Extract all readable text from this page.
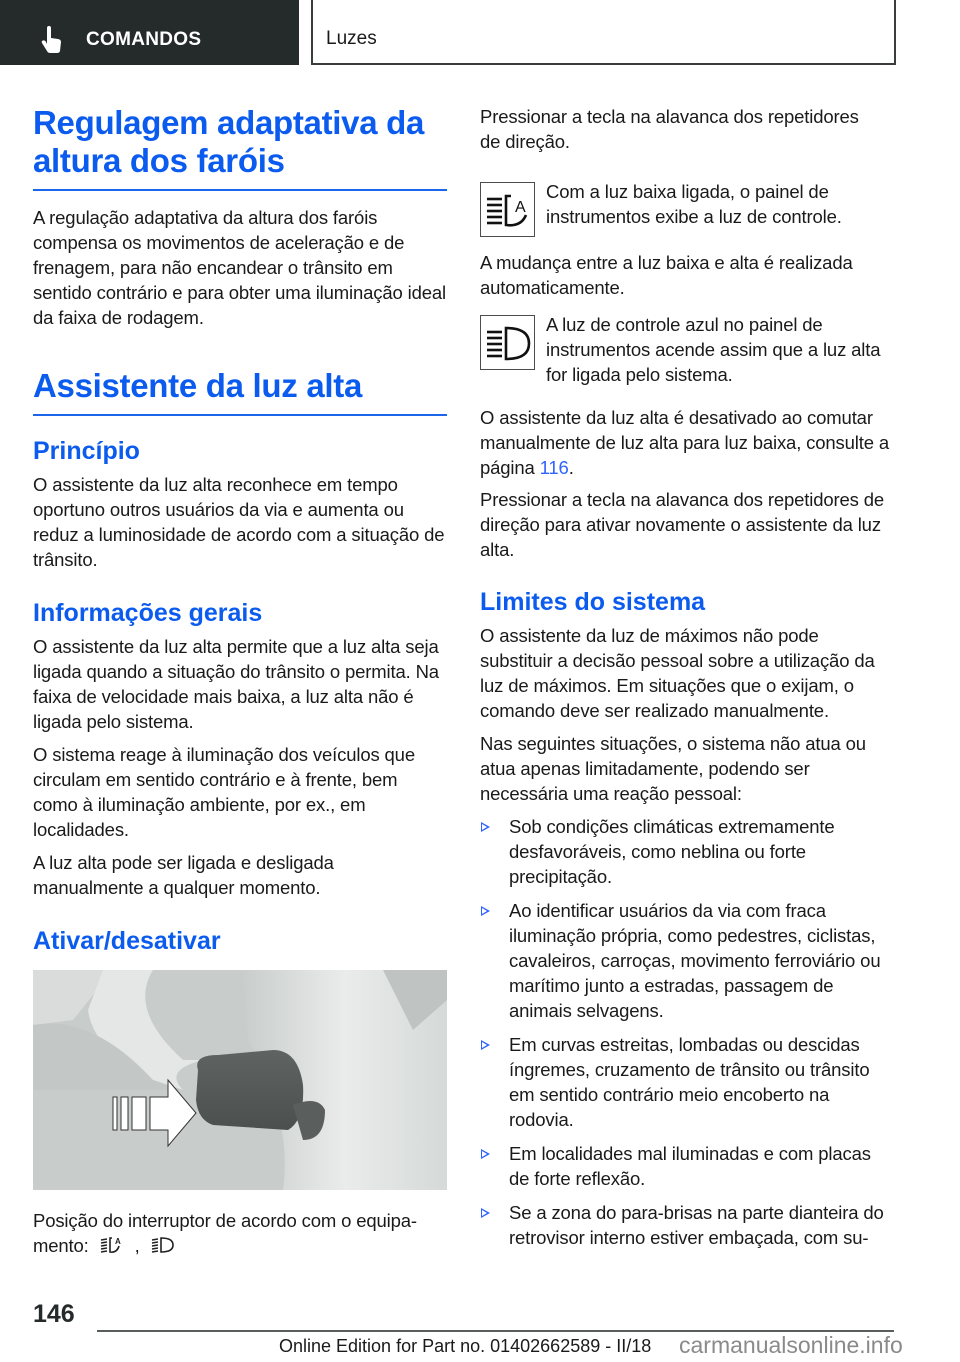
COMANDOS	Luzes
Regulagem adaptativa da altura dos faróis

A regulação adaptativa da altura dos faróis compensa os movimentos de aceleração e de frenagem, para não encandear o trânsito em sentido contrário e para obter uma iluminação ideal da faixa de rodagem.

Assistente da luz alta
Princípio

O assistente da luz alta reconhece em tempo oportuno outros usuários da via e aumenta ou reduz a luminosidade de acordo com a situação de trânsito.

Informações gerais

O assistente da luz alta permite que a luz alta seja ligada quando a situação do trânsito o permita. Na faixa de velocidade mais baixa, a luz alta não é ligada pelo sistema.

O sistema reage à iluminação dos veículos que circulam em sentido contrário e à frente, bem como à iluminação ambiente, por ex., em localidades.

A luz alta pode ser ligada e desligada manualmente a qualquer momento.

Ativar/desativar

Posição do interruptor de acordo com o equipa-
mento:	A ,

Pressionar a tecla na alavanca dos repetidores de direção.

A
Com a luz baixa ligada, o painel de instrumentos exibe a luz de controle.

A mudança entre a luz baixa e alta é realizada automaticamente.

A luz de controle azul no painel de instrumentos acende assim que a luz alta for ligada pelo sistema.

O assistente da luz alta é desativado ao comutar manualmente de luz alta para luz baixa, consulte a página 116.

Pressionar a tecla na alavanca dos repetidores de direção para ativar novamente o assistente da luz alta.

Limites do sistema

O assistente da luz de máximos não pode substituir a decisão pessoal sobre a utilização da luz de máximos. Em situações que o exijam, o comando deve ser realizado manualmente.

Nas seguintes situações, o sistema não atua ou atua apenas limitadamente, podendo ser necessária uma reação pessoal:

Sob condições climáticas extremamente desfavoráveis, como neblina ou forte precipitação.
Ao identificar usuários da via com fraca iluminação própria, como pedestres, ciclistas, cavaleiros, carroças, movimento ferroviário ou marítimo junto a estradas, passagem de animais selvagens.
Em curvas estreitas, lombadas ou descidas íngremes, cruzamento de trânsito ou trânsito em sentido contrário meio encoberto na rodovia.
Em localidades mal iluminadas e com placas de forte reflexão.
Se a zona do para-brisas na parte dianteira do retrovisor interno estiver embaçada, com su-
146
Online Edition for Part no. 01402662589 - II/18 carmanualsonline.info
